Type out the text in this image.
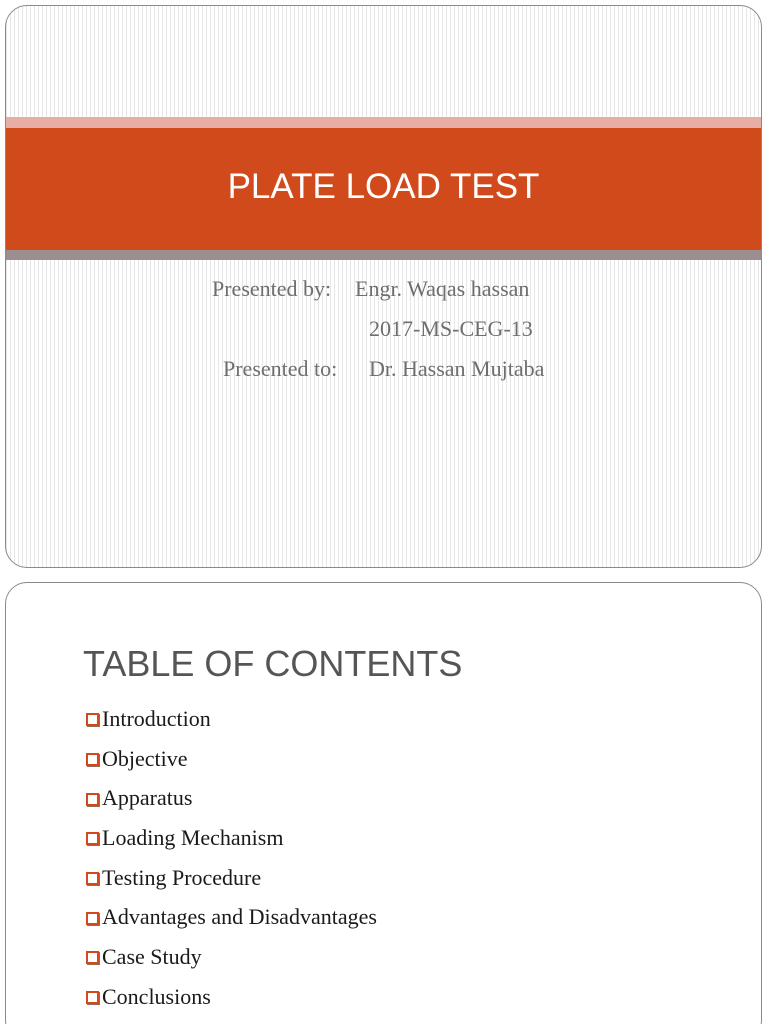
PLATE LOAD TEST
Presented by: Engr. Waqas hassan
2017-MS-CEG-13
Presented to: Dr. Hassan Mujtaba
TABLE OF CONTENTS
Introduction
Objective
Apparatus
Loading Mechanism
Testing Procedure
Advantages and Disadvantages
Case Study
Conclusions
